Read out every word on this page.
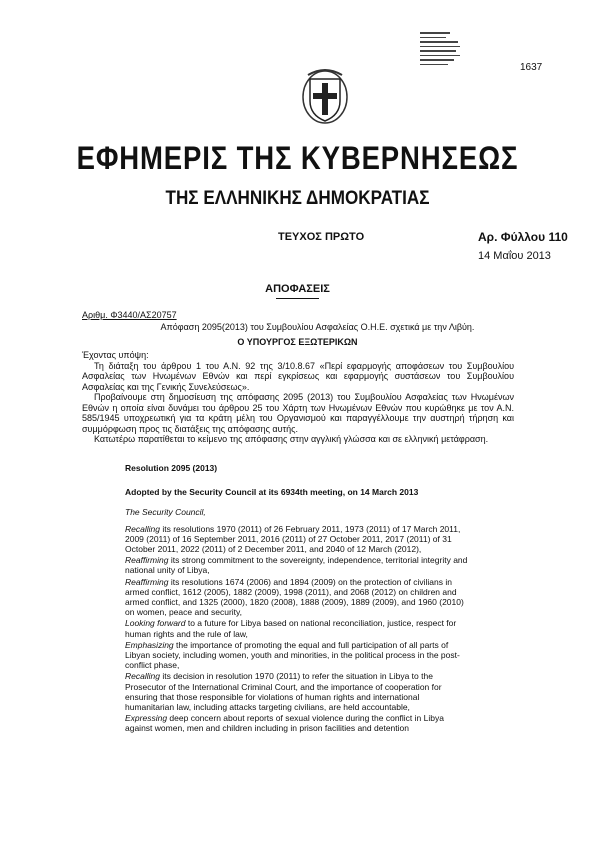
1637
ΕΦΗΜΕΡΙΣ ΤΗΣ ΚΥΒΕΡΝΗΣΕΩΣ
ΤΗΣ ΕΛΛΗΝΙΚΗΣ ΔΗΜΟΚΡΑΤΙΑΣ
ΤΕΥΧΟΣ ΠΡΩΤΟ	Αρ. Φύλλου 110
14 Μαΐου 2013
ΑΠΟΦΑΣΕΙΣ
Αριθμ. Φ3440/ΑΣ20757
Απόφαση 2095(2013) του Συμβουλίου Ασφαλείας Ο.Η.Ε. σχετικά με την Λιβύη.
Ο ΥΠΟΥΡΓΟΣ ΕΞΩΤΕΡΙΚΩΝ

Έχοντας υπόψη:

Τη διάταξη του άρθρου 1 του Α.Ν. 92 της 3/10.8.67 «Περί εφαρμογής αποφάσεων του Συμβουλίου Ασφαλείας των Ηνωμένων Εθνών και περί εγκρίσεως και εφαρμογής συστάσεων του Συμβουλίου Ασφαλείας και της Γενικής Συνελεύσεως».

Προβαίνουμε στη δημοσίευση της απόφασης 2095 (2013) του Συμβουλίου Ασφαλείας των Ηνωμένων Εθνών η οποία είναι δυνάμει του άρθρου 25 του Χάρτη των Ηνωμένων Εθνών που κυρώθηκε με τον Α.Ν. 585/1945 υποχρεωτική για τα κράτη μέλη του Οργανισμού και παραγγέλλουμε την αυστηρή τήρηση και συμμόρφωση προς τις διατάξεις της απόφασης αυτής.

Κατωτέρω παρατίθεται το κείμενο της απόφασης στην αγγλική γλώσσα και σε ελληνική μετάφραση.

Resolution 2095 (2013)
Adopted by the Security Council at its 6934th meeting, on 14 March 2013
The Security Council,

Recalling its resolutions 1970 (2011) of 26 February 2011, 1973 (2011) of 17 March 2011, 2009 (2011) of 16 September 2011, 2016 (2011) of 27 October 2011, 2017 (2011) of 31 October 2011, 2022 (2011) of 2 December 2011, and 2040 of 12 March (2012),

Reaffirming its strong commitment to the sovereignty, independence, territorial integrity and national unity of Libya,

Reaffirming its resolutions 1674 (2006) and 1894 (2009) on the protection of civilians in armed conflict, 1612 (2005), 1882 (2009), 1998 (2011), and 2068 (2012) on children and armed conflict, and 1325 (2000), 1820 (2008), 1888 (2009), 1889 (2009), and 1960 (2010) on women, peace and security,

Looking forward to a future for Libya based on national reconciliation, justice, respect for human rights and the rule of law,

Emphasizing the importance of promoting the equal and full participation of all parts of Libyan society, including women, youth and minorities, in the political process in the post-conflict phase,

Recalling its decision in resolution 1970 (2011) to refer the situation in Libya to the Prosecutor of the International Criminal Court, and the importance of cooperation for ensuring that those responsible for violations of human rights and international humanitarian law, including attacks targeting civilians, are held accountable,

Expressing deep concern about reports of sexual violence during the conflict in Libya against women, men and children including in prison facilities and detention
